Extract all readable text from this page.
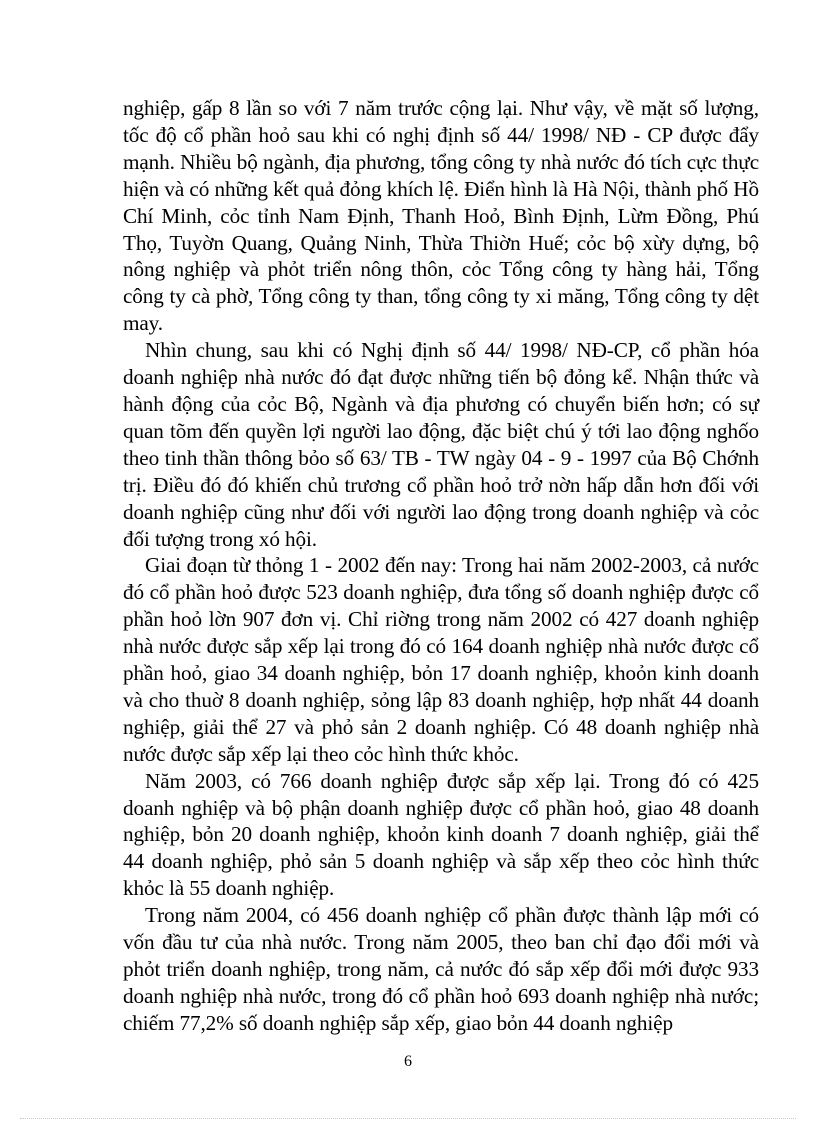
nghiệp, gấp 8 lần so với 7 năm trước cộng lại. Như vậy, về mặt số lượng, tốc độ cổ phần hoỏ sau khi có nghị định số 44/ 1998/ NĐ - CP được đẩy mạnh. Nhiều bộ ngành, địa phương, tổng công ty nhà nước đó tích cực thực hiện và có những kết quả đỏng khích lệ. Điển hình là Hà Nội, thành phố Hồ Chí Minh, cỏc tỉnh Nam Định, Thanh Hoỏ, Bình Định, Lừm Đồng, Phú Thọ, Tuyờn Quang, Quảng Ninh, Thừa Thiờn Huế; cỏc bộ xừy dựng, bộ nông nghiệp và phỏt triển nông thôn, cỏc Tổng công ty hàng hải, Tổng công ty cà phờ, Tổng công ty than, tổng công ty xi măng, Tổng công ty dệt may.

Nhìn chung, sau khi có Nghị định số 44/ 1998/ NĐ-CP, cổ phần hóa doanh nghiệp nhà nước đó đạt được những tiến bộ đỏng kể. Nhận thức và hành động của cỏc Bộ, Ngành và địa phương có chuyển biến hơn; có sự quan tõm đến quyền lợi người lao động, đặc biệt chú ý tới lao động nghốo theo tinh thần thông bỏo số 63/ TB - TW ngày 04 - 9 - 1997 của Bộ Chớnh trị. Điều đó đó khiến chủ trương cổ phần hoỏ trở nờn hấp dẫn hơn đối với doanh nghiệp cũng như đối với người lao động trong doanh nghiệp và cỏc đối tượng trong xó hội.

Giai đoạn từ thỏng 1 - 2002 đến nay: Trong hai năm 2002-2003, cả nước đó cổ phần hoỏ được 523 doanh nghiệp, đưa tổng số doanh nghiệp được cổ phần hoỏ lờn 907 đơn vị. Chỉ riờng trong năm 2002 có 427 doanh nghiệp nhà nước được sắp xếp lại trong đó có 164 doanh nghiệp nhà nước được cổ phần hoỏ, giao 34 doanh nghiệp, bỏn 17 doanh nghiệp, khoỏn kinh doanh và cho thuờ 8 doanh nghiệp, sỏng lập 83 doanh nghiệp, hợp nhất 44 doanh nghiệp, giải thể 27 và phỏ sản 2 doanh nghiệp. Có 48 doanh nghiệp nhà nước được sắp xếp lại theo cỏc hình thức khỏc.

Năm 2003, có 766 doanh nghiệp được sắp xếp lại. Trong đó có 425 doanh nghiệp và bộ phận doanh nghiệp được cổ phần hoỏ, giao 48 doanh nghiệp, bỏn 20 doanh nghiệp, khoỏn kinh doanh 7 doanh nghiệp, giải thể 44 doanh nghiệp, phỏ sản 5 doanh nghiệp và sắp xếp theo cỏc hình thức khỏc là 55 doanh nghiệp.

Trong năm 2004, có 456 doanh nghiệp cổ phần được thành lập mới có vốn đầu tư của nhà nước. Trong năm 2005, theo ban chỉ đạo đổi mới và phỏt triển doanh nghiệp, trong năm, cả nước đó sắp xếp đổi mới được 933 doanh nghiệp nhà nước, trong đó cổ phần hoỏ 693 doanh nghiệp nhà nước; chiếm 77,2% số doanh nghiệp sắp xếp, giao bỏn 44 doanh nghiệp

6
